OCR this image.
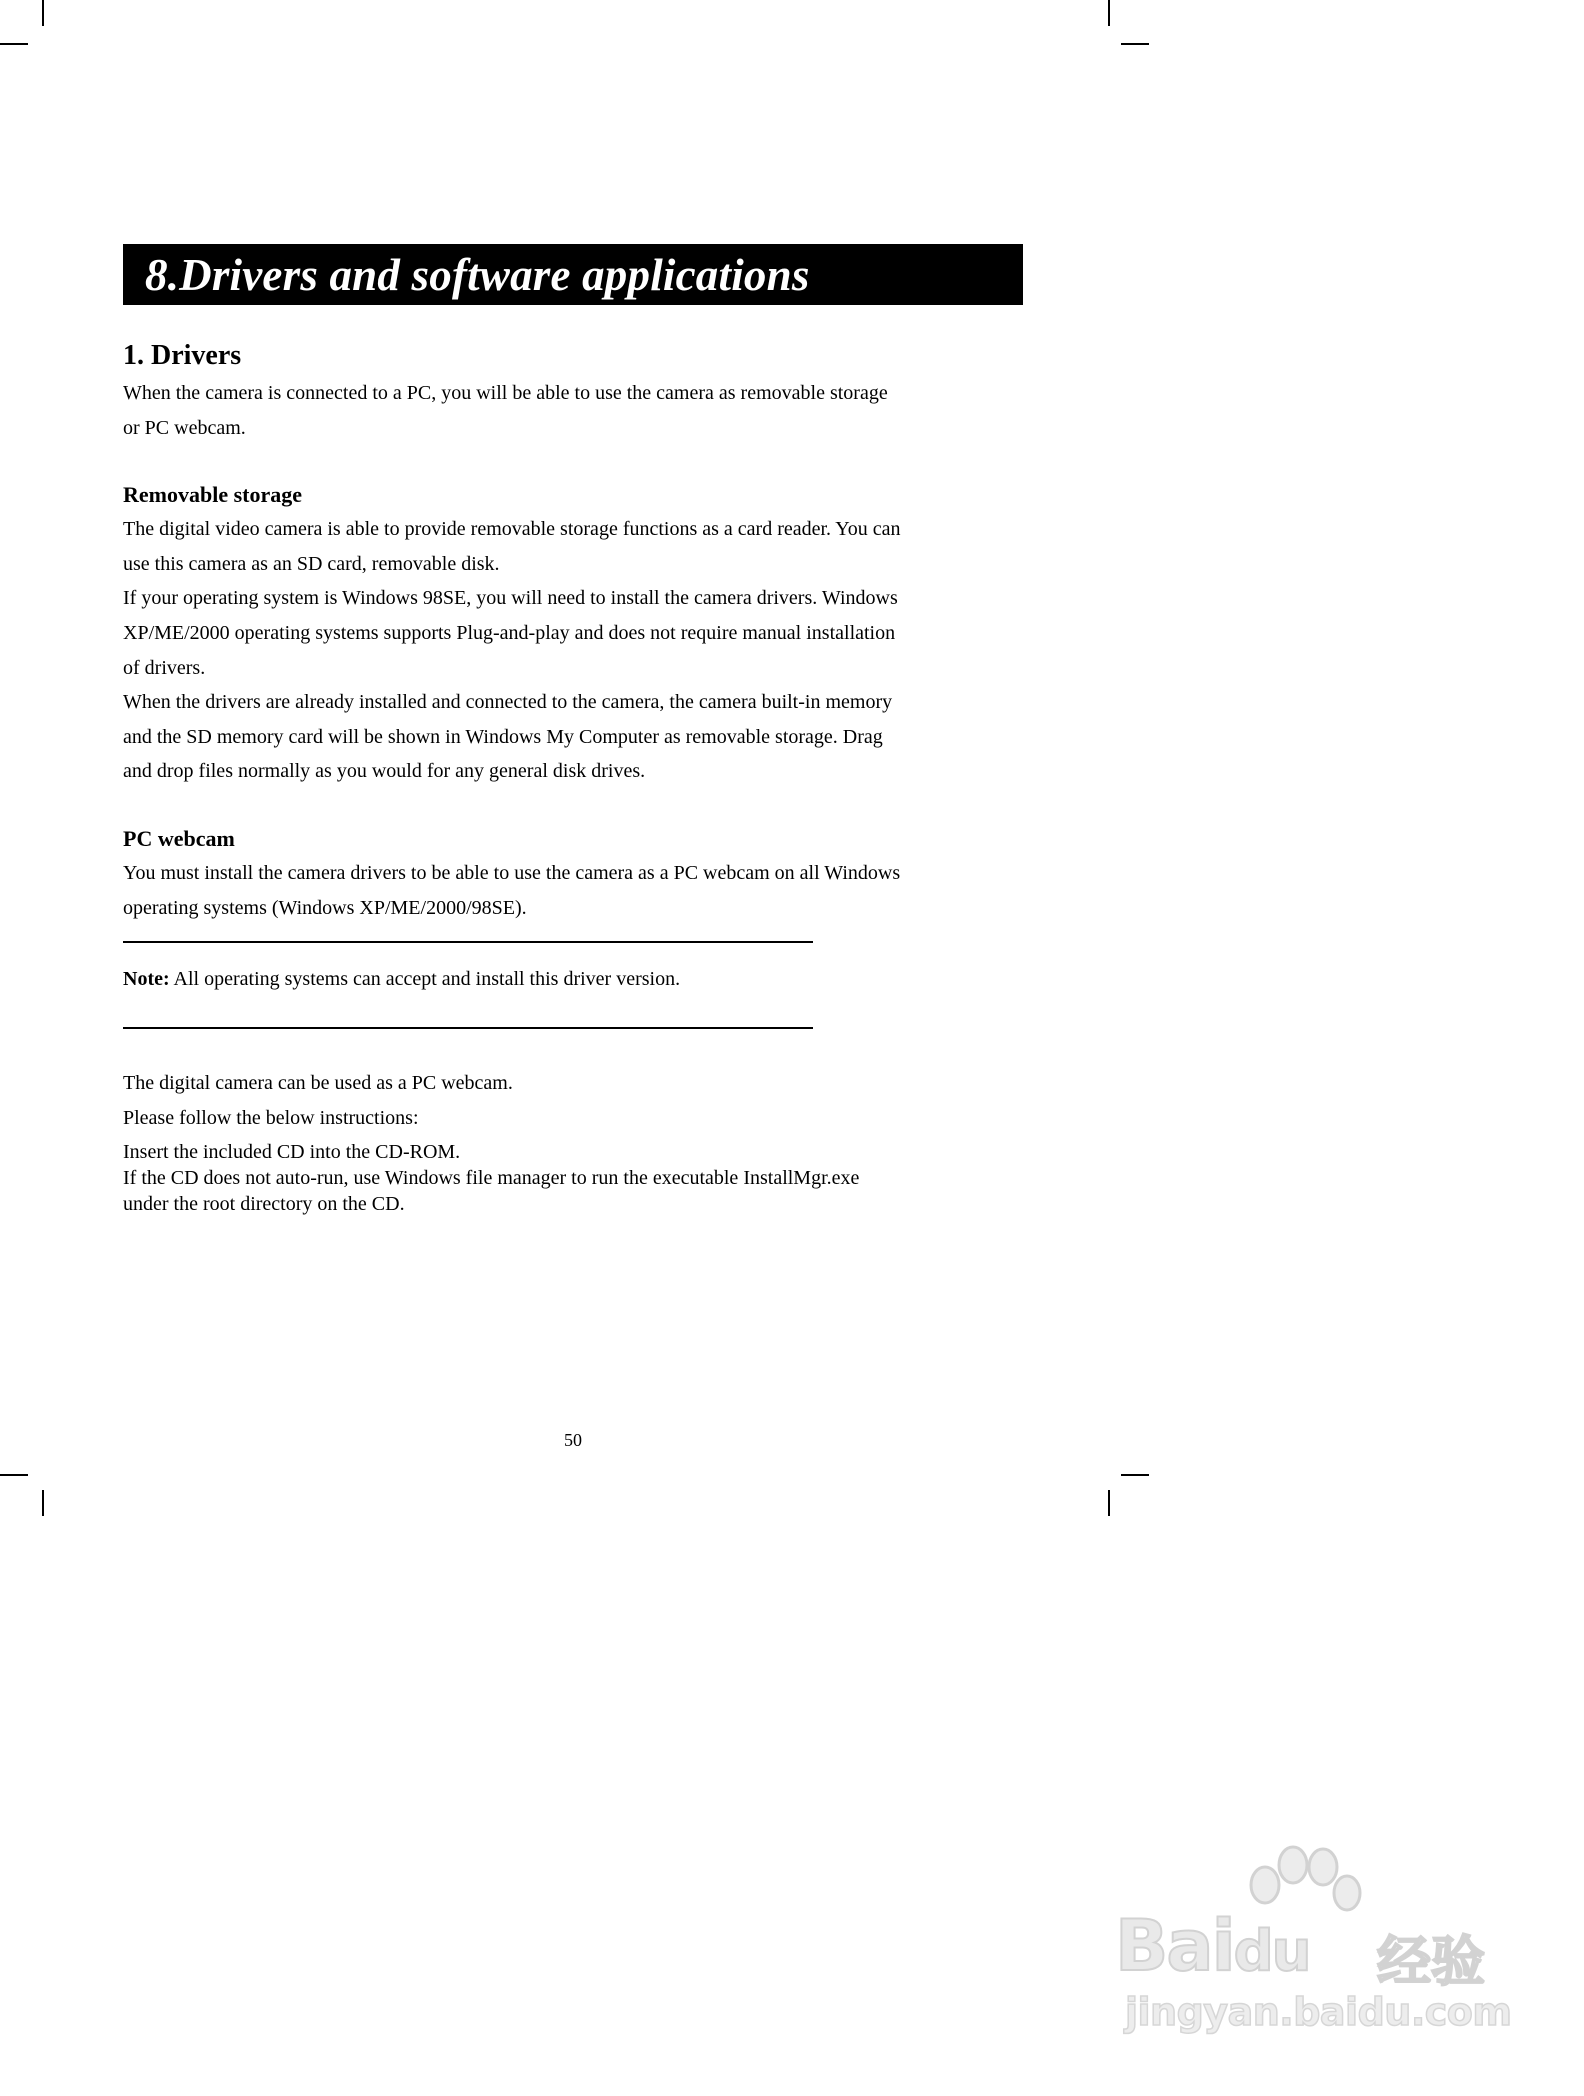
8.Drivers and software applications
1. Drivers

When the camera is connected to a PC, you will be able to use the camera as removable storage

or PC webcam.

Removable storage

The digital video camera is able to provide removable storage functions as a card reader. You can

use this camera as an SD card, removable disk.

If your operating system is Windows 98SE, you will need to install the camera drivers. Windows

XP/ME/2000 operating systems supports Plug-and-play and does not require manual installation

of drivers.

When the drivers are already installed and connected to the camera, the camera built-in memory

and the SD memory card will be shown in Windows My Computer as removable storage. Drag

and drop files normally as you would for any general disk drives.

PC webcam

You must install the camera drivers to be able to use the camera as a PC webcam on all Windows

operating systems (Windows XP/ME/2000/98SE).

Note: All operating systems can accept and install this driver version.

The digital camera can be used as a PC webcam.

Please follow the below instructions:

Insert the included CD into the CD-ROM.

If the CD does not auto-run, use Windows file manager to run the executable InstallMgr.exe

under the root directory on the CD.

50
Baidu 经验
jingyan.baidu.com
